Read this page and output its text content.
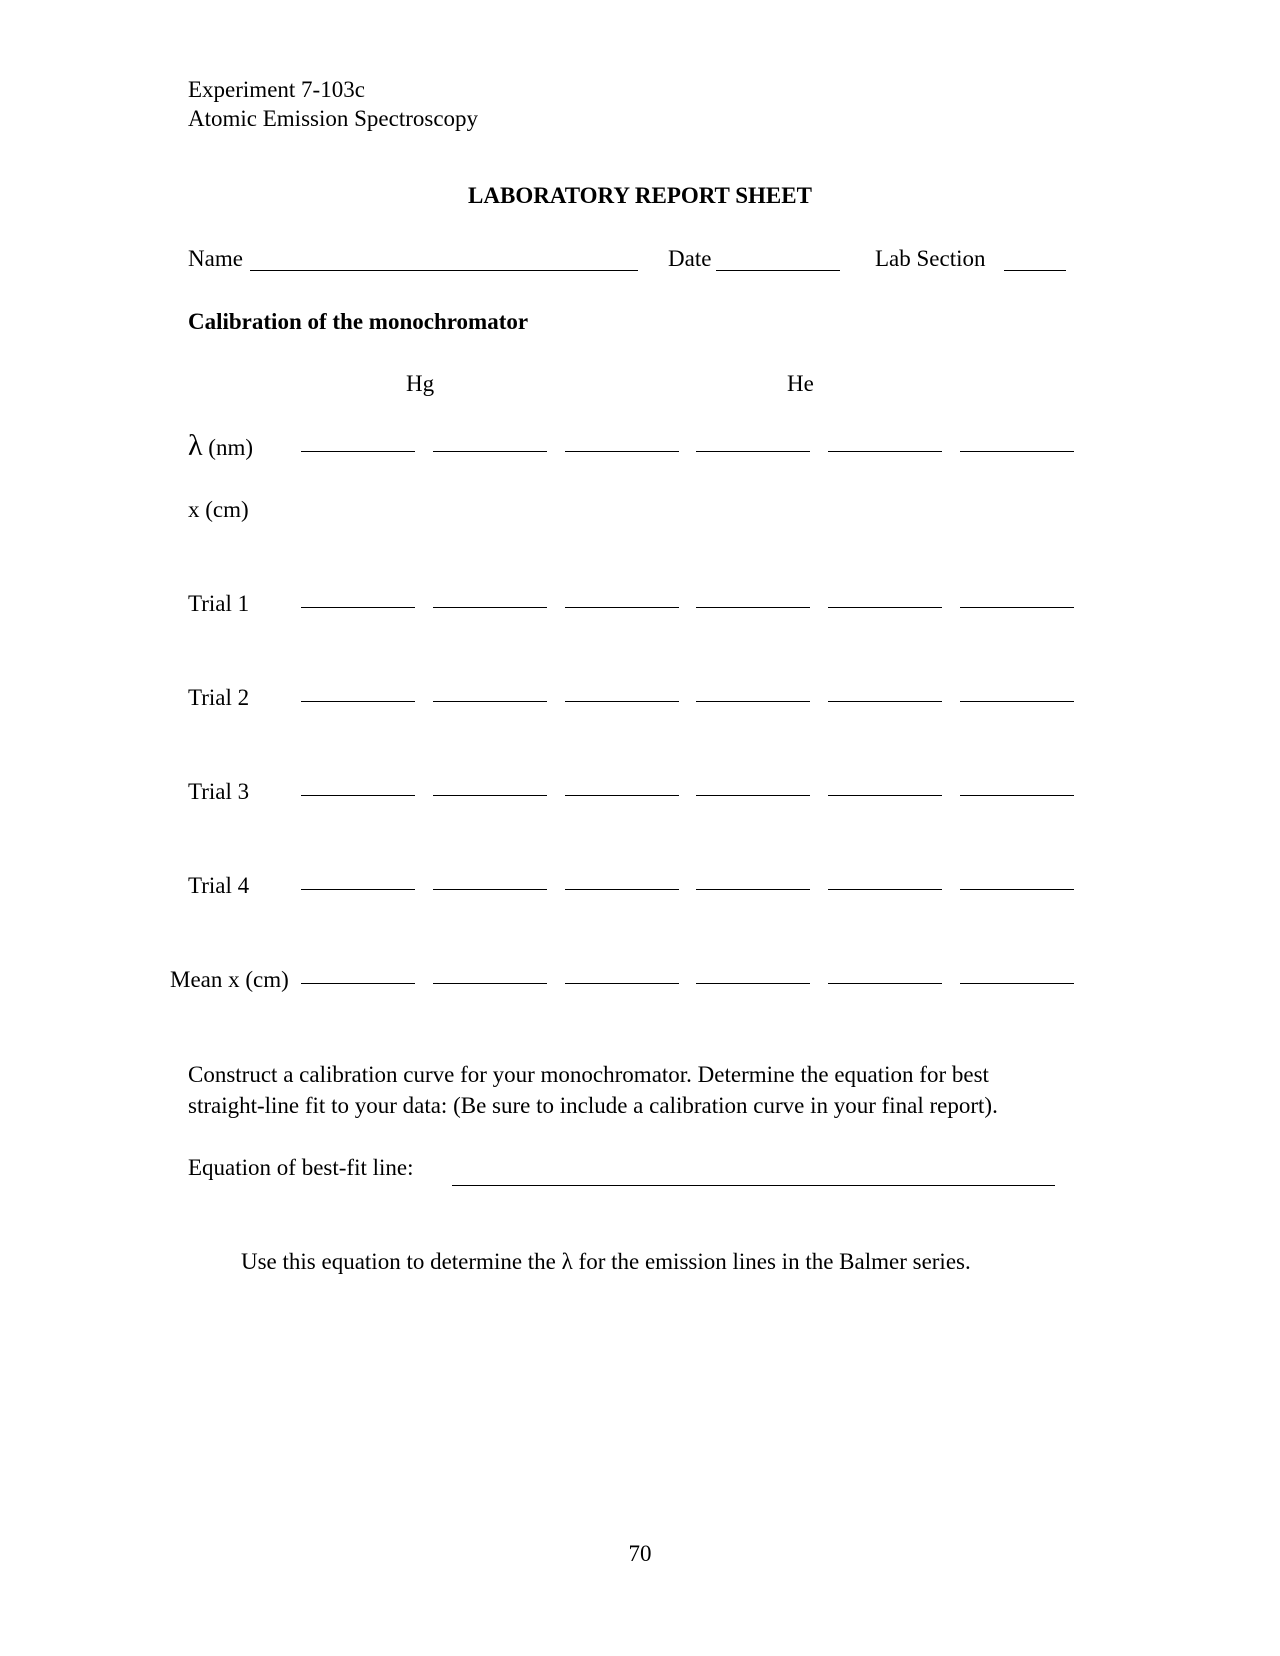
Experiment 7-103c
Atomic Emission Spectroscopy
LABORATORY REPORT SHEET
Name	Date	Lab Section
Calibration of the monochromator
Hg	He
λ (nm)
x (cm)
Trial 1
Trial 2
Trial 3
Trial 4
Mean x (cm)
Construct a calibration curve for your monochromator. Determine the equation for best
straight-line fit to your data: (Be sure to include a calibration curve in your final report).
Equation of best-fit line:
Use this equation to determine the λ for the emission lines in the Balmer series.
70
